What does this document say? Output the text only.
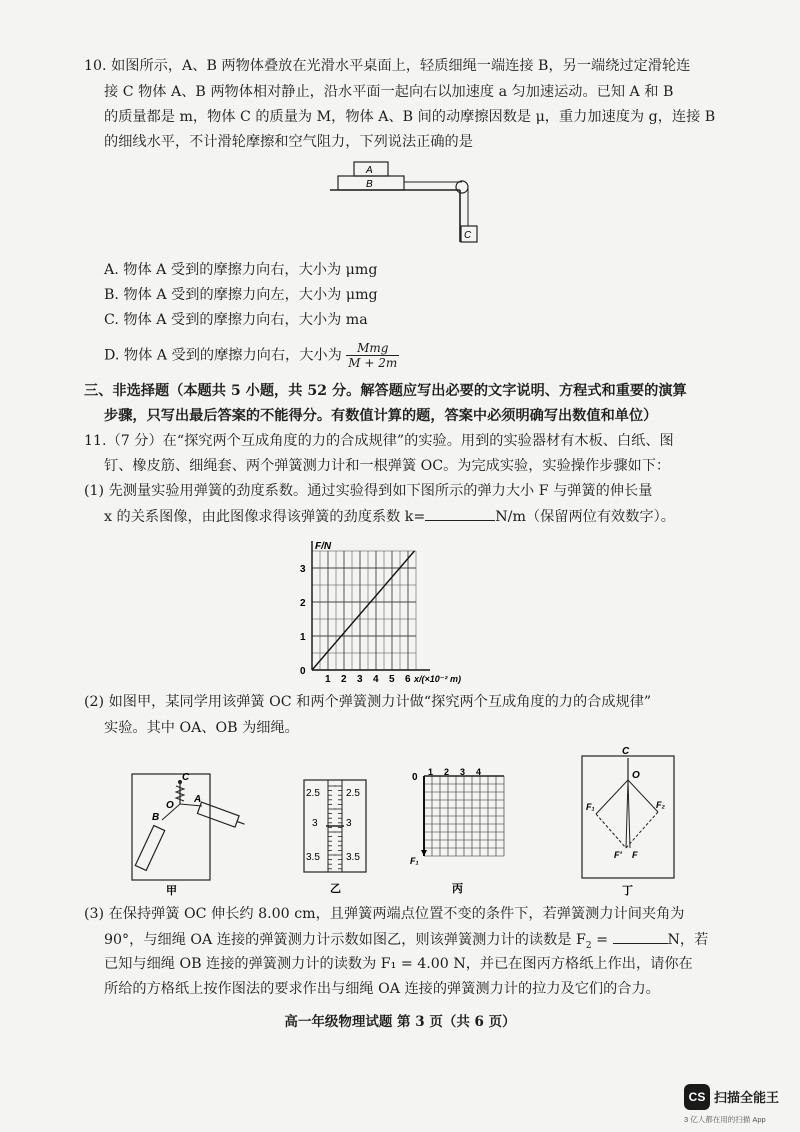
10. 如图所示，A、B 两物体叠放在光滑水平桌面上，轻质细绳一端连接 B，另一端绕过定滑轮连
接 C 物体 A、B 两物体相对静止，沿水平面一起向右以加速度 a 匀加速运动。已知 A 和 B
的质量都是 m，物体 C 的质量为 M，物体 A、B 间的动摩擦因数是 μ，重力加速度为 g，连接 B
的细线水平，不计滑轮摩擦和空气阻力，下列说法正确的是
A
B
C
A. 物体 A 受到的摩擦力向右，大小为 μmg
B. 物体 A 受到的摩擦力向左，大小为 μmg
C. 物体 A 受到的摩擦力向右，大小为 ma
D. 物体 A 受到的摩擦力向右，大小为 $\frac{\text{Mmg}}{M + 2m}$
三、非选择题（本题共 5 小题，共 52 分。解答题应写出必要的文字说明、方程式和重要的演算
步骤，只写出最后答案的不能得分。有数值计算的题，答案中必须明确写出数值和单位）
11.（7 分）在“探究两个互成角度的力的合成规律”的实验。用到的实验器材有木板、白纸、图
钉、橡皮筋、细绳套、两个弹簧测力计和一根弹簧 OC。为完成实验，实验操作步骤如下：
(1) 先测量实验用弹簧的劲度系数。通过实验得到如下图所示的弹力大小 F 与弹簧的伸长量
x 的关系图像，由此图像求得该弹簧的劲度系数 k=	N/m（保留两位有效数字）。
1 2 3 4 5 6
1
2
3
0
F/N
x/(×10⁻² m)
(2) 如图甲，某同学用该弹簧 OC 和两个弹簧测力计做“探究两个互成角度的力的合成规律”
实验。其中 OA、OB 为细绳。
C
O
A
B
甲
2.5
3
3.5
2.5
3
3.5
乙
0
F₁
丙
1 2 3 4
C
O
F₁	F₂
F' F
丁
(3) 在保持弹簧 OC 伸长约 8.00 cm，且弹簧两端点位置不变的条件下，若弹簧测力计间夹角为
90°，与细绳 OA 连接的弹簧测力计示数如图乙，则该弹簧测力计的读数是 $F_2$ =	N，若
已知与细绳 OB 连接的弹簧测力计的读数为 F₁ = 4.00 N，并已在图丙方格纸上作出，请你在
所给的方格纸上按作图法的要求作出与细绳 OA 连接的弹簧测力计的拉力及它们的合力。
高一年级物理试题 第 3 页（共 6 页）
CS 扫描全能王
3 亿人都在用的扫描 App
